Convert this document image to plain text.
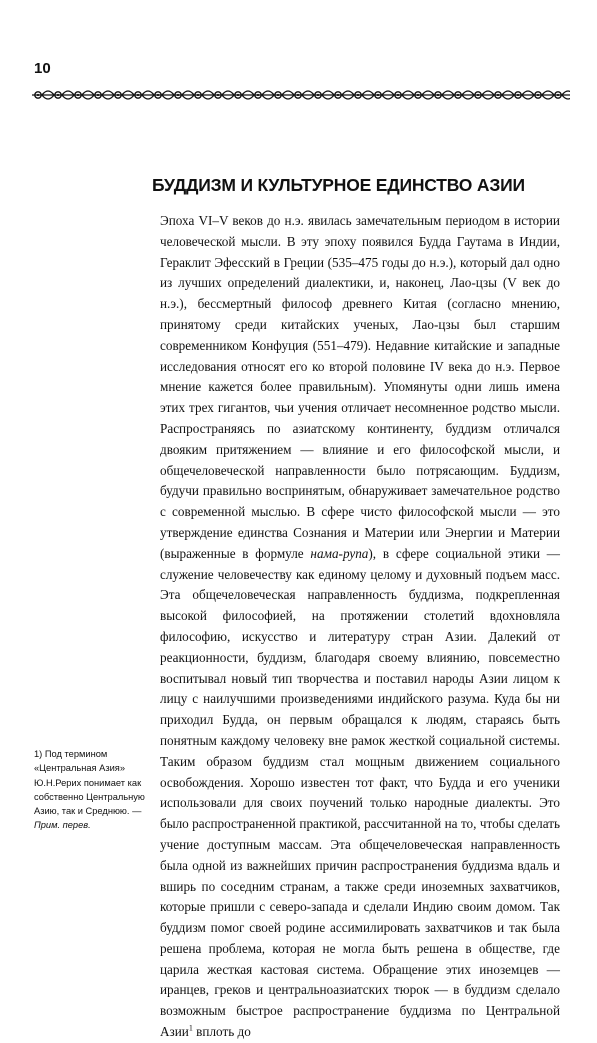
10
БУДДИЗМ И КУЛЬТУРНОЕ ЕДИНСТВО АЗИИ

Эпоха VI–V веков до н.э. явилась замечательным периодом в истории человеческой мысли. В эту эпоху появился Будда Гаутама в Индии, Гераклит Эфесский в Греции (535–475 годы до н.э.), который дал одно из лучших определений диалектики, и, наконец, Лао-цзы (V век до н.э.), бессмертный философ древнего Китая (согласно мнению, принятому среди китайских ученых, Лао-цзы был старшим современником Конфуция (551–479). Недавние китайские и западные исследования относят его ко второй половине IV века до н.э. Первое мнение кажется более правильным). Упомянуты одни лишь имена этих трех гигантов, чьи учения отличает несомненное родство мысли. Распространяясь по азиатскому континенту, буддизм отличался двояким притяжением — влияние и его философской мысли, и общечеловеческой направленности было потрясающим. Буддизм, будучи правильно воспринятым, обнаруживает замечательное родство с современной мыслью. В сфере чисто философской мысли — это утверждение единства Сознания и Материи или Энергии и Материи (выраженные в формуле нама-рупа), в сфере социальной этики — служение человечеству как единому целому и духовный подъем масс. Эта общечеловеческая направленность буддизма, подкрепленная высокой философией, на протяжении столетий вдохновляла философию, искусство и литературу стран Азии. Далекий от реакционности, буддизм, благодаря своему влиянию, повсеместно воспитывал новый тип творчества и поставил народы Азии лицом к лицу с наилучшими произведениями индийского разума. Куда бы ни приходил Будда, он первым обращался к людям, стараясь быть понятным каждому человеку вне рамок жесткой социальной системы. Таким образом буддизм стал мощным движением социального освобождения. Хорошо известен тот факт, что Будда и его ученики использовали для своих поучений только народные диалекты. Это было распространенной практикой, рассчитанной на то, чтобы сделать учение доступным массам. Эта общечеловеческая направленность была одной из важнейших причин распространения буддизма вдаль и вширь по соседним странам, а также среди иноземных захватчиков, которые пришли с северо-запада и сделали Индию своим домом. Так буддизм помог своей родине ассимилировать захватчиков и так была решена проблема, которая не могла быть решена в обществе, где царила жесткая кастовая система. Обращение этих иноземцев — иранцев, греков и центральноазиатских тюрок — в буддизм сделало возможным быстрое распространение буддизма по Центральной Азии$^1$ вплоть до

1) Под термином «Центральная Азия» Ю.Н.Рерих понимает как собственно Центральную Азию, так и Среднюю. — Прим. перев.
